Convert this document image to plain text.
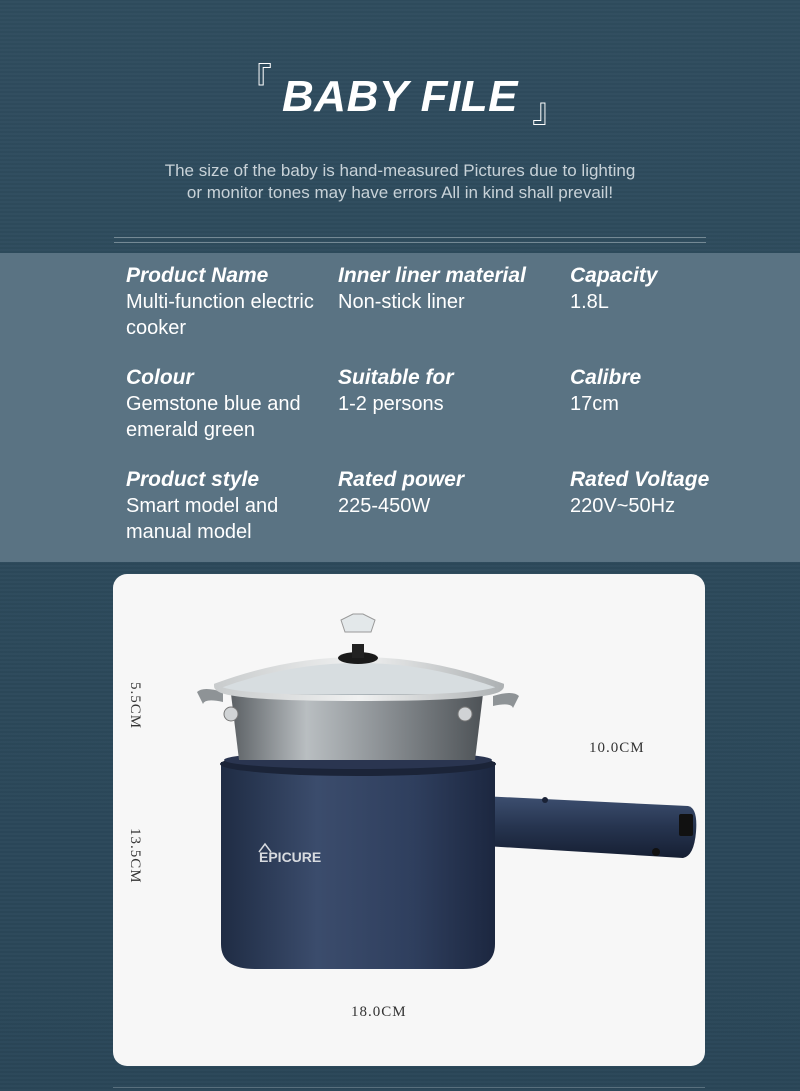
『 BABY FILE 』
The size of the baby is hand-measured Pictures due to lighting
or monitor tones may have errors All in kind shall prevail!
Product Name
Multi-function electric cooker
Inner liner material
Non-stick liner
Capacity
1.8L
Colour
Gemstone blue and emerald green
Suitable for
1-2 persons
Calibre
17cm
Product style
Smart model and manual model
Rated power
225-450W
Rated Voltage
220V~50Hz
EPICURE
5.5CM
13.5CM
10.0CM
18.0CM
